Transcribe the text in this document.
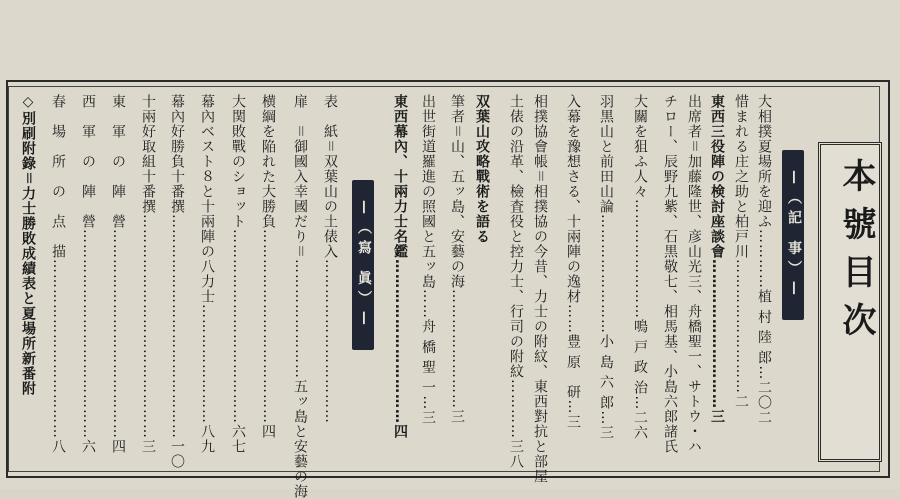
本號目次
—（記 事）—
—（寫 眞）—	大相撲夏場所を迎ふ…………植 村 陸 郎…二〇二
惜まれる庄之助と柏戸川………………………二
東西三役陣の検討座談會…………………………三
出席者＝加藤隆世、彦山光三、舟橋聖一、サトウ・ハ
チロー、辰野九紫、石黒敬七、相馬基、小島六郎諸氏
大關を狙ふ人々……………………鳴 戸 政 治…二六
羽黒山と前田山論……………………小 島 六 郎…三
入幕を豫想さる、十兩陣の逸材……豊 原　研…三
相撲協會帳＝相撲協の今昔、力士の附紋、東西對抗と部屋
土俵の沿革、檢査役と控力士、行司の附紋…………三八
双葉山攻略戰術を語る
筆者＝山、五ッ島、安藝の海……………………三
出世街道羅進の照國と五ッ島……舟 橋 聖 一…三
東西幕內、十兩力士名鑑……………………………四
表　紙＝双葉山の土俵入……………………………
扉　＝御國入幸國だり＝……………………五ッ島と安藝の海
横綱を陥れた大勝負…………………………………四
大関敗戰のショット…………………………………六七
幕內ベスト８と十兩陣の八力士……………………八九
幕內好勝負十番撰………………………………………一〇
十兩好取組十番撰………………………………………三
東　軍　の　陣　營……………………………………四
西　軍　の　陣　營……………………………………六
春　場　所　の　点　描………………………………八
◇別刷附錄＝力士勝敗成績表と夏場所新番附
